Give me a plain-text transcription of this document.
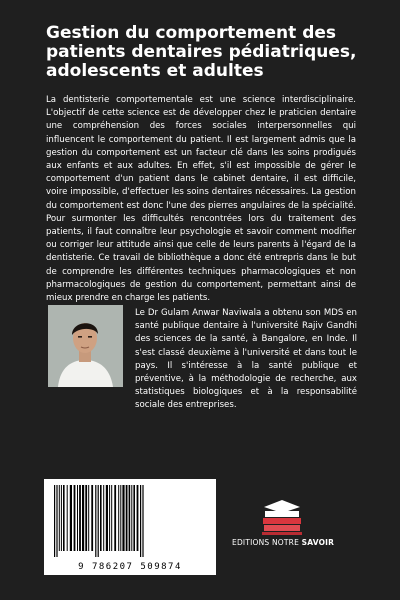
Gestion du comportement des patients dentaires pédiatriques, adolescents et adultes

La dentisterie comportementale est une science interdisciplinaire. L'objectif de cette science est de développer chez le praticien dentaire une compréhension des forces sociales interpersonnelles qui influencent le comportement du patient. Il est largement admis que la gestion du comportement est un facteur clé dans les soins prodigués aux enfants et aux adultes. En effet, s'il est impossible de gérer le comportement d'un patient dans le cabinet dentaire, il est difficile, voire impossible, d'effectuer les soins dentaires nécessaires. La gestion du comportement est donc l'une des pierres angulaires de la spécialité. Pour surmonter les difficultés rencontrées lors du traitement des patients, il faut connaître leur psychologie et savoir comment modifier ou corriger leur attitude ainsi que celle de leurs parents à l'égard de la dentisterie. Ce travail de bibliothèque a donc été entrepris dans le but de comprendre les différentes techniques pharmacologiques et non pharmacologiques de gestion du comportement, permettant ainsi de mieux prendre en charge les patients.

Le Dr Gulam Anwar Naviwala a obtenu son MDS en santé publique dentaire à l'université Rajiv Gandhi des sciences de la santé, à Bangalore, en Inde. Il s'est classé deuxième à l'université et dans tout le pays. Il s'intéresse à la santé publique et préventive, à la méthodologie de recherche, aux statistiques biologiques et à la responsabilité sociale des entreprises.

9 786207 509874
EDITIONS NOTRE SAVOIR
